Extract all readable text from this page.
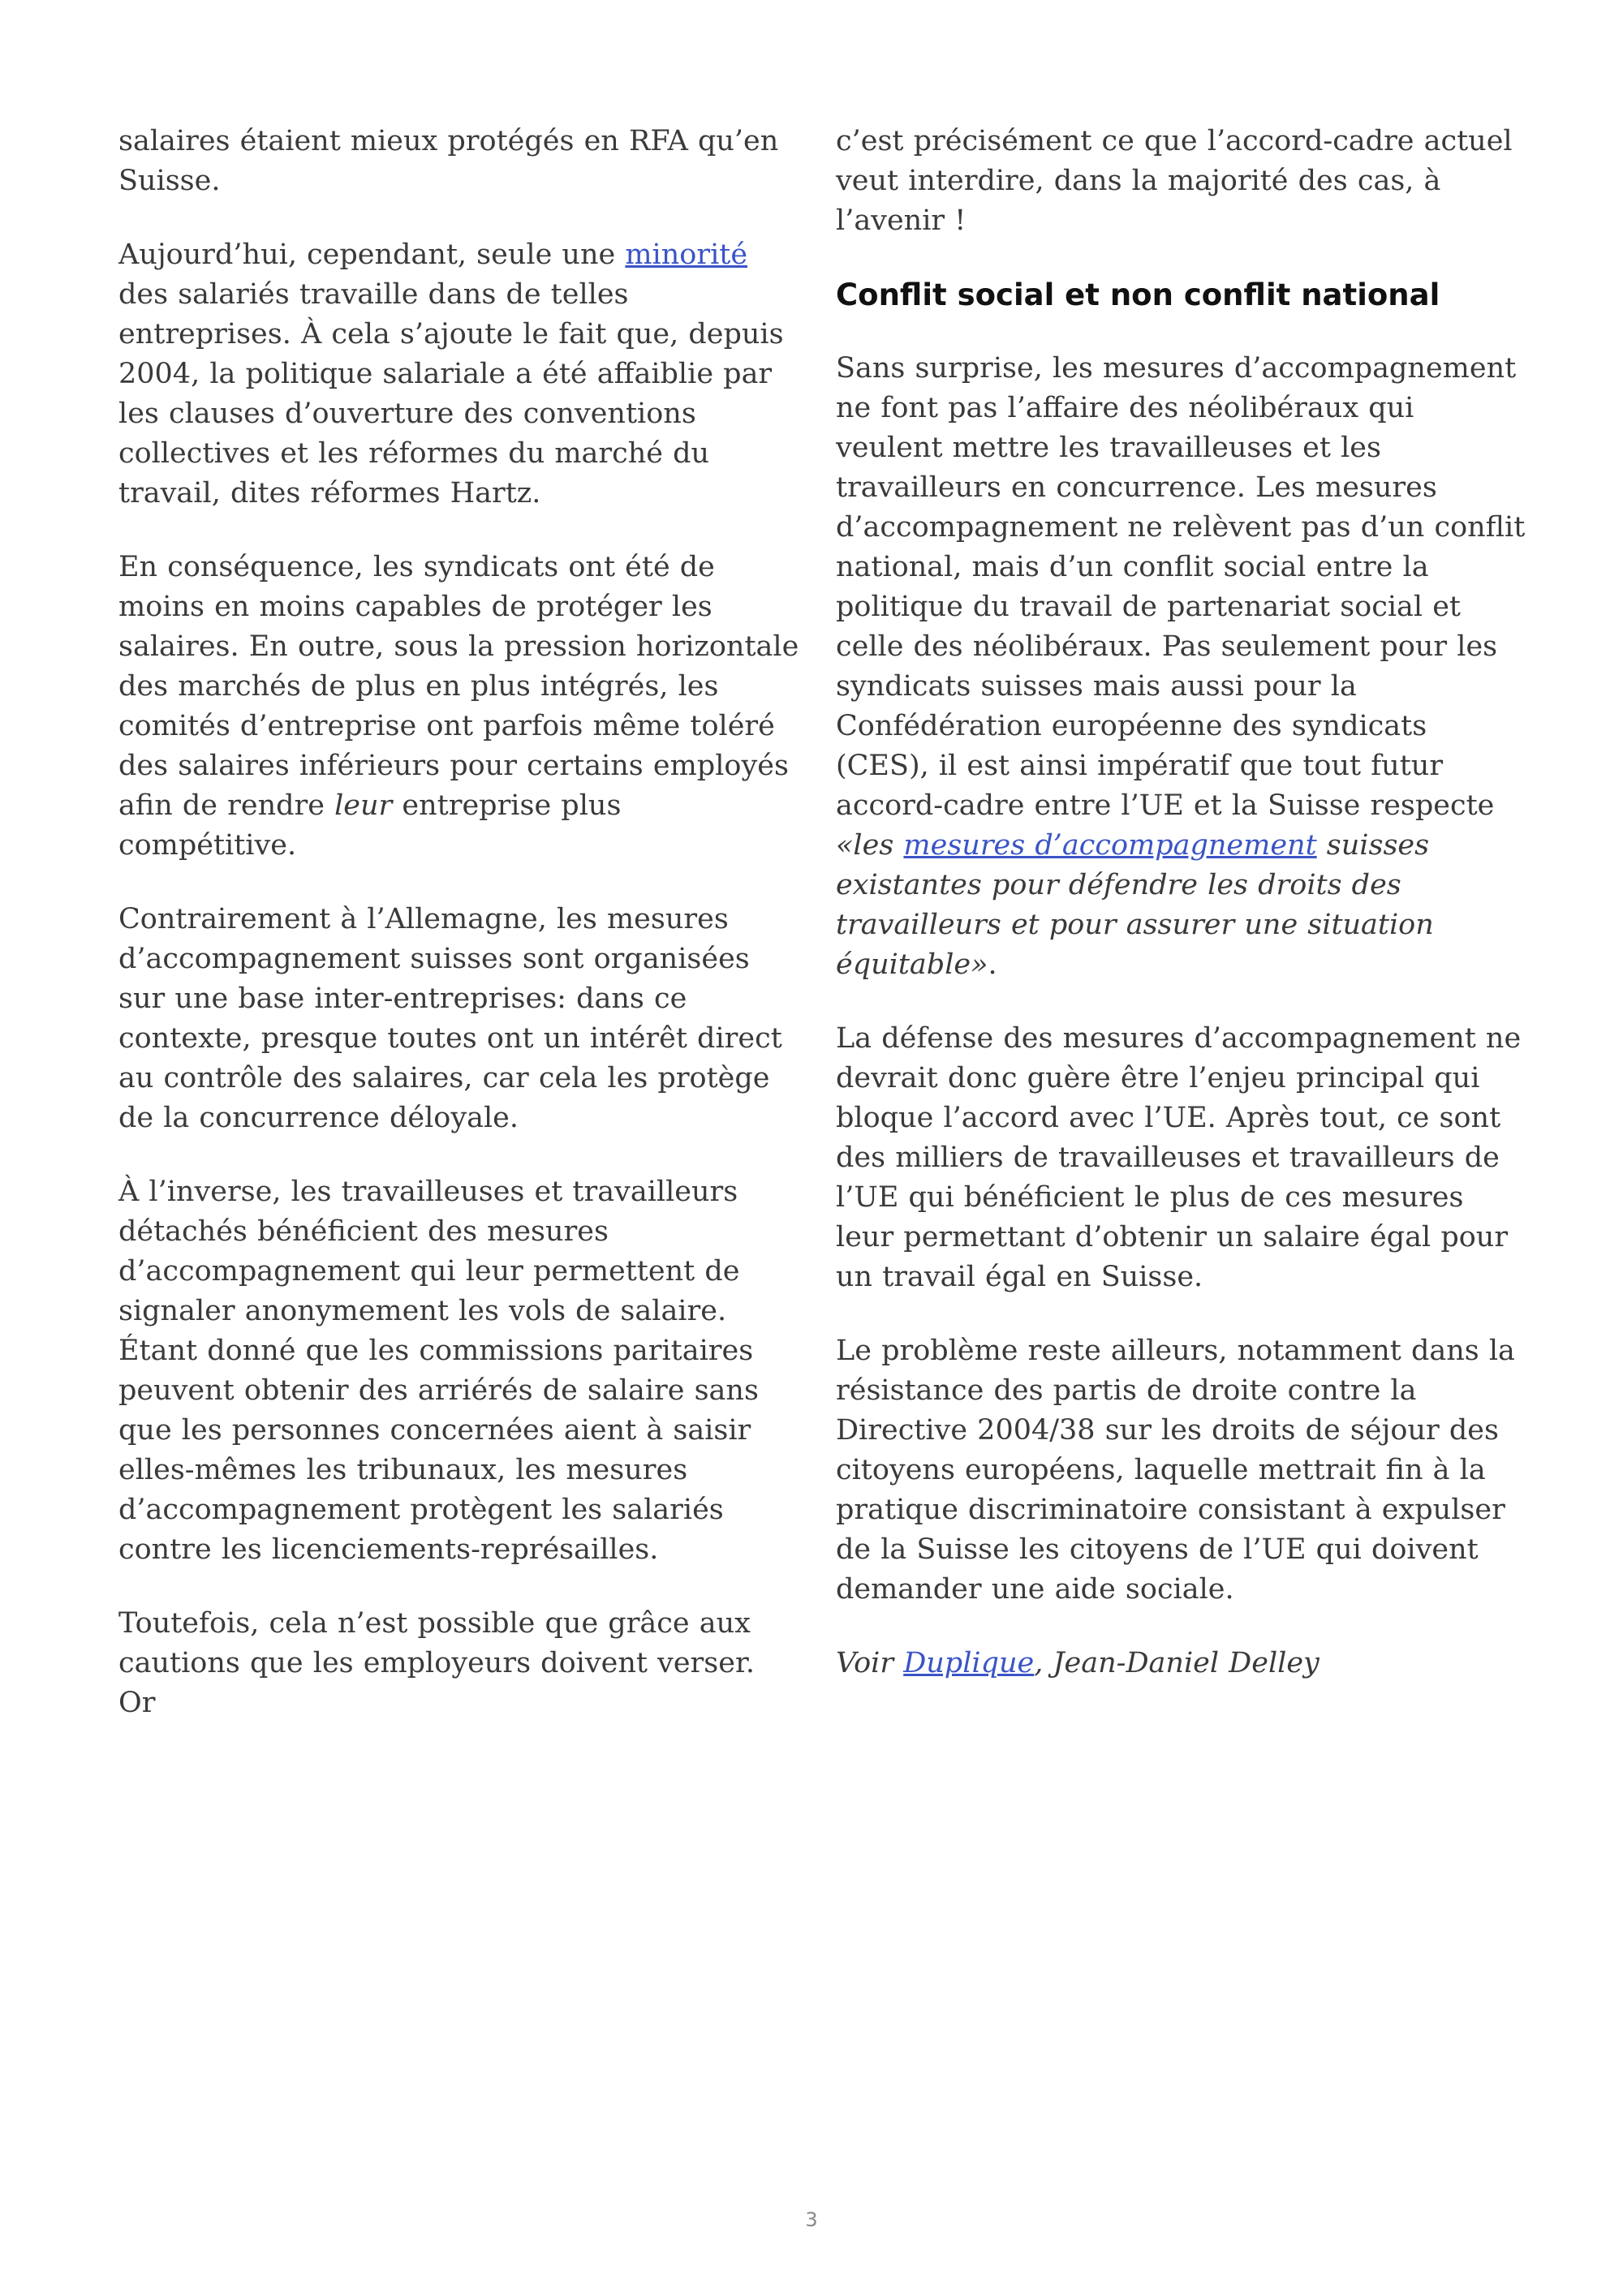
salaires étaient mieux protégés en RFA qu’en Suisse.

Aujourd’hui, cependant, seule une minorité des salariés travaille dans de telles entreprises. À cela s’ajoute le fait que, depuis 2004, la politique salariale a été affaiblie par les clauses d’ouverture des conventions collectives et les réformes du marché du travail, dites réformes Hartz.

En conséquence, les syndicats ont été de moins en moins capables de protéger les salaires. En outre, sous la pression horizontale des marchés de plus en plus intégrés, les comités d’entreprise ont parfois même toléré des salaires inférieurs pour certains employés afin de rendre leur entreprise plus compétitive.

Contrairement à l’Allemagne, les mesures d’accompagnement suisses sont organisées sur une base inter-entreprises: dans ce contexte, presque toutes ont un intérêt direct au contrôle des salaires, car cela les protège de la concurrence déloyale.

À l’inverse, les travailleuses et travailleurs détachés bénéficient des mesures d’accompagnement qui leur permettent de signaler anonymement les vols de salaire. Étant donné que les commissions paritaires peuvent obtenir des arriérés de salaire sans que les personnes concernées aient à saisir elles-mêmes les tribunaux, les mesures d’accompagnement protègent les salariés contre les licenciements-représailles.

Toutefois, cela n’est possible que grâce aux cautions que les employeurs doivent verser. Or

c’est précisément ce que l’accord-cadre actuel veut interdire, dans la majorité des cas, à l’avenir !

Conflit social et non conflit national

Sans surprise, les mesures d’accompagnement ne font pas l’affaire des néolibéraux qui veulent mettre les travailleuses et les travailleurs en concurrence. Les mesures d’accompagnement ne relèvent pas d’un conflit national, mais d’un conflit social entre la politique du travail de partenariat social et celle des néolibéraux. Pas seulement pour les syndicats suisses mais aussi pour la Confédération européenne des syndicats (CES), il est ainsi impératif que tout futur accord-cadre entre l’UE et la Suisse respecte «les mesures d’accompagnement suisses existantes pour défendre les droits des travailleurs et pour assurer une situation équitable».

La défense des mesures d’accompagnement ne devrait donc guère être l’enjeu principal qui bloque l’accord avec l’UE. Après tout, ce sont des milliers de travailleuses et travailleurs de l’UE qui bénéficient le plus de ces mesures leur permettant d’obtenir un salaire égal pour un travail égal en Suisse.

Le problème reste ailleurs, notamment dans la résistance des partis de droite contre la Directive 2004/38 sur les droits de séjour des citoyens européens, laquelle mettrait fin à la pratique discriminatoire consistant à expulser de la Suisse les citoyens de l’UE qui doivent demander une aide sociale.

Voir Duplique, Jean-Daniel Delley

3
